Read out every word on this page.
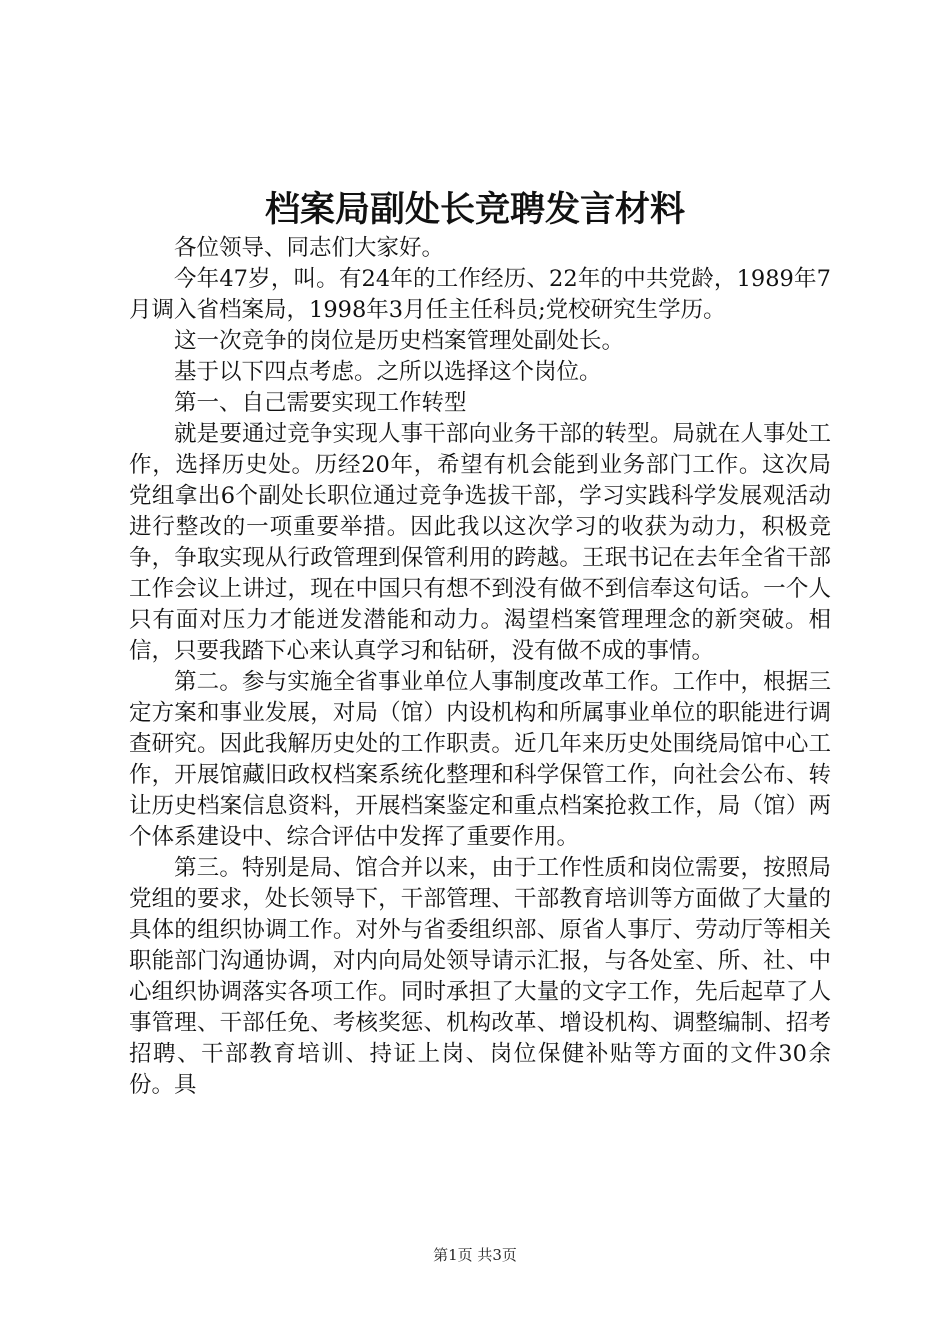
档案局副处长竞聘发言材料

各位领导、同志们大家好。

今年47岁，叫。有24年的工作经历、22年的中共党龄，1989年7月调入省档案局，1998年3月任主任科员;党校研究生学历。

这一次竞争的岗位是历史档案管理处副处长。

基于以下四点考虑。之所以选择这个岗位。

第一、自己需要实现工作转型

就是要通过竞争实现人事干部向业务干部的转型。局就在人事处工作，选择历史处。历经20年，希望有机会能到业务部门工作。这次局党组拿出6个副处长职位通过竞争选拔干部，学习实践科学发展观活动进行整改的一项重要举措。因此我以这次学习的收获为动力，积极竞争，争取实现从行政管理到保管利用的跨越。王珉书记在去年全省干部工作会议上讲过，现在中国只有想不到没有做不到信奉这句话。一个人只有面对压力才能迸发潜能和动力。渴望档案管理理念的新突破。相信，只要我踏下心来认真学习和钻研，没有做不成的事情。

第二。参与实施全省事业单位人事制度改革工作。工作中，根据三定方案和事业发展，对局（馆）内设机构和所属事业单位的职能进行调查研究。因此我解历史处的工作职责。近几年来历史处围绕局馆中心工作，开展馆藏旧政权档案系统化整理和科学保管工作，向社会公布、转让历史档案信息资料，开展档案鉴定和重点档案抢救工作，局（馆）两个体系建设中、综合评估中发挥了重要作用。

第三。特别是局、馆合并以来，由于工作性质和岗位需要，按照局党组的要求，处长领导下，干部管理、干部教育培训等方面做了大量的具体的组织协调工作。对外与省委组织部、原省人事厅、劳动厅等相关职能部门沟通协调，对内向局处领导请示汇报，与各处室、所、社、中心组织协调落实各项工作。同时承担了大量的文字工作，先后起草了人事管理、干部任免、考核奖惩、机构改革、增设机构、调整编制、招考招聘、干部教育培训、持证上岗、岗位保健补贴等方面的文件30余份。具

第1页 共3页
